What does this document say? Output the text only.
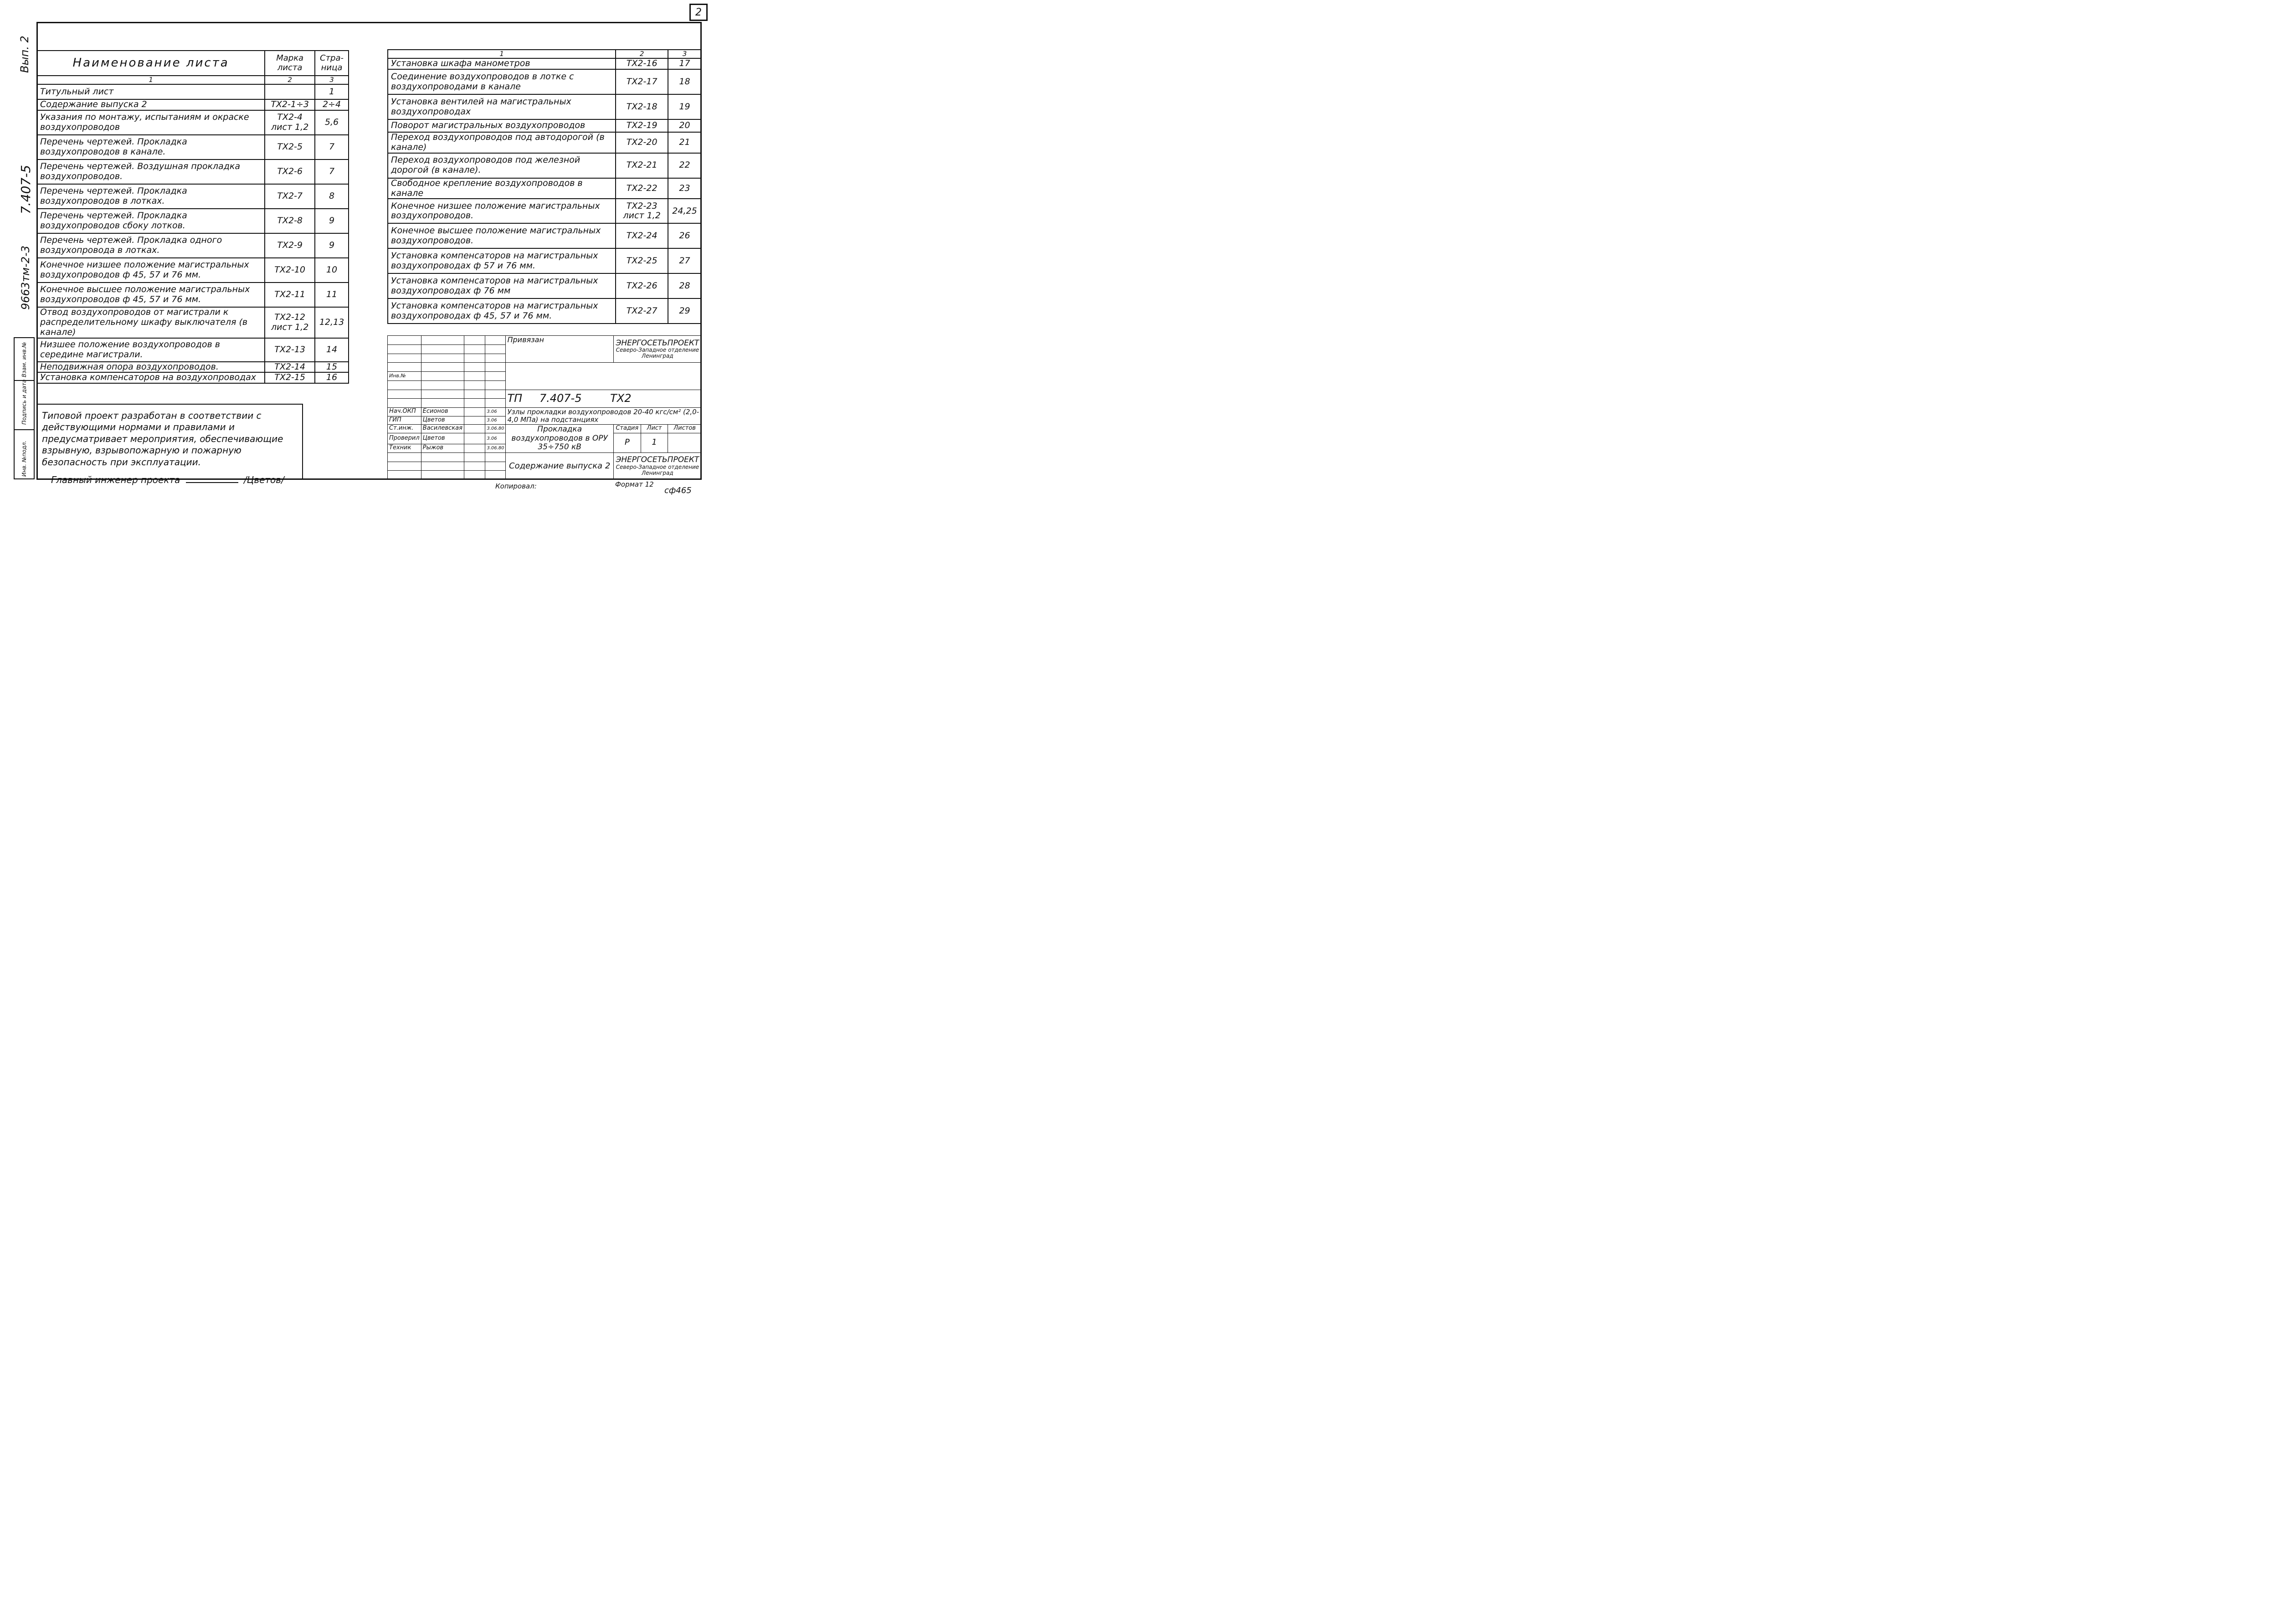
2
Вып. 2
7.407-5
9663тм-2-3
Взам. инв.№
Подпись и дата
Инв. №подл.
Наименование листа	Марка листа	Стра-ница
1	2	3
Титульный лист		1
Содержание выпуска 2	ТХ2-1÷3	2÷4
Указания по монтажу, испытаниям и окраске воздухопроводов	ТХ2-4 лист 1,2	5,6
Перечень чертежей. Прокладка воздухопроводов в канале.	ТХ2-5	7
Перечень чертежей. Воздушная прокладка воздухопроводов.	ТХ2-6	7
Перечень чертежей. Прокладка воздухопроводов в лотках.	ТХ2-7	8
Перечень чертежей. Прокладка воздухопроводов сбоку лотков.	ТХ2-8	9
Перечень чертежей. Прокладка одного воздухопровода в лотках.	ТХ2-9	9
Конечное низшее положение магистральных воздухопроводов ф 45, 57 и 76 мм.	ТХ2-10	10
Конечное высшее положение магистральных воздухопроводов ф 45, 57 и 76 мм.	ТХ2-11	11
Отвод воздухопроводов от магистрали к распределительному шкафу выключателя (в канале)	ТХ2-12 лист 1,2	12,13
Низшее положение воздухопроводов в середине магистрали.	ТХ2-13	14
Неподвижная опора воздухопроводов.	ТХ2-14	15
Установка компенсаторов на воздухопроводах	ТХ2-15	16
1	2	3
Установка шкафа манометров	ТХ2-16	17
Соединение воздухопроводов в лотке с воздухопроводами в канале	ТХ2-17	18
Установка вентилей на магистральных воздухопроводах	ТХ2-18	19
Поворот магистральных воздухопроводов	ТХ2-19	20
Переход воздухопроводов под автодорогой (в канале)	ТХ2-20	21
Переход воздухопроводов под железной дорогой (в канале).	ТХ2-21	22
Свободное крепление воздухопроводов в канале	ТХ2-22	23
Конечное низшее положение магистральных воздухопроводов.	ТХ2-23 лист 1,2	24,25
Конечное высшее положение магистральных воздухопроводов.	ТХ2-24	26
Установка компенсаторов на магистральных воздухопроводах ф 57 и 76 мм.	ТХ2-25	27
Установка компенсаторов на магистральных воздухопроводах ф 76 мм	ТХ2-26	28
Установка компенсаторов на магистральных воздухопроводах ф 45, 57 и 76 мм.	ТХ2-27	29
Типовой проект разработан в соответствии с действующими нормами и правилами и предусматривает мероприятия, обеспечивающие взрывную, взрывопожарную и пожарную безопасность при эксплуатации.
Главный инженер проекта	/Цветов/
				Привязан	ЭНЕРГОСЕТЬПРОЕКТ
Северо-Западное отделение
Ленинград		

Инв.№							

				ТП 7.407-5 ТХ2			

Нач.ОКП	Есионов		3.06	Узлы прокладки воздухопроводов 20-40 кгс/см² (2,0-4,0 МПа) на подстанциях			
ГИП	Цветов		3.06				
Ст.инж.	Василевская		3.06.80	Прокладка воздухопроводов в ОРУ 35÷750 кВ	Стадия	Лист	Листов
Проверил	Цветов		3.06		Р	1	
Техник	Рыжов		3.06.80				
				Содержание выпуска 2	ЭНЕРГОСЕТЬПРОЕКТ
Северо-Западное отделение
Ленинград		

Копировал:	Формат 12
сф465
